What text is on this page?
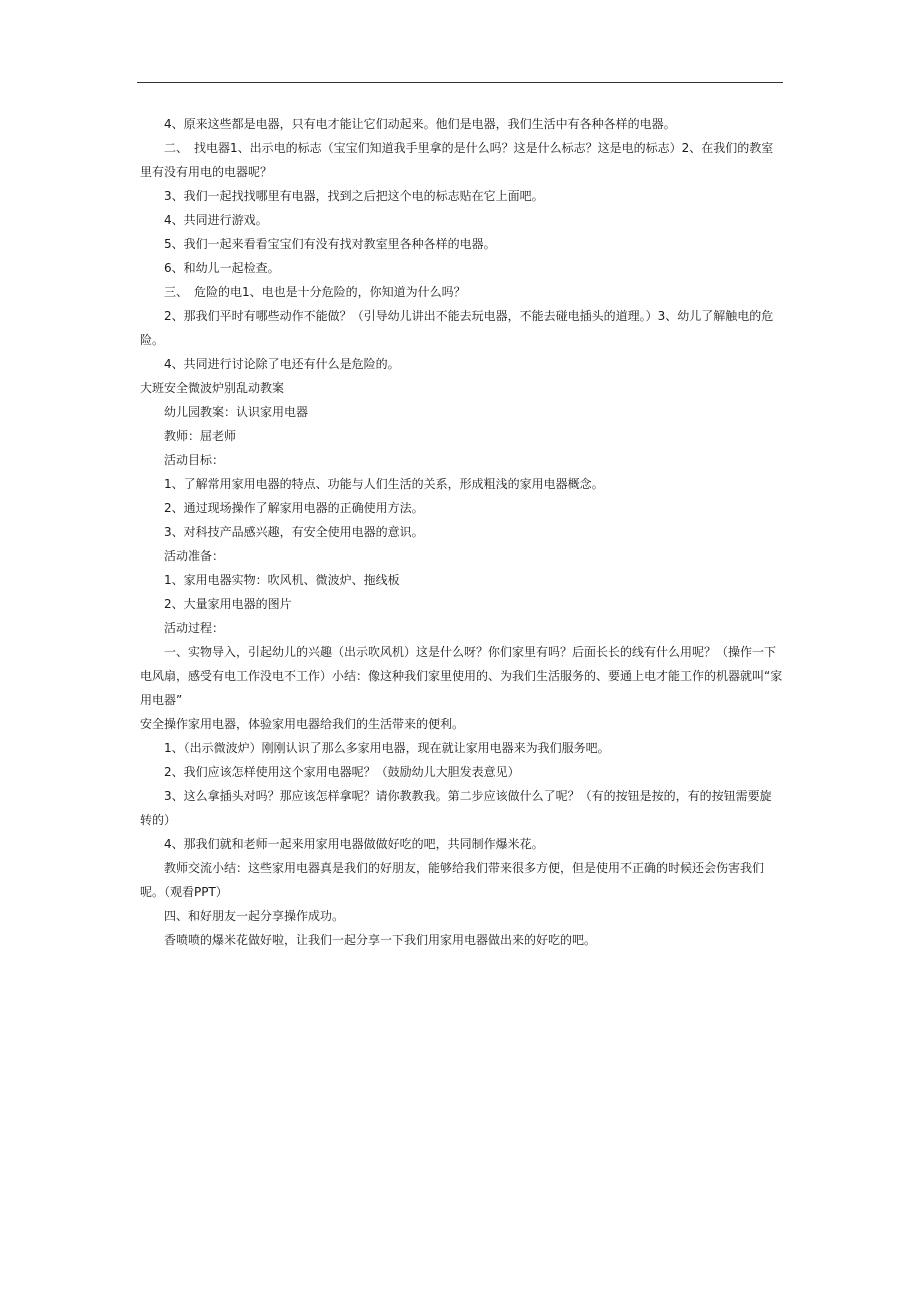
4、原来这些都是电器，只有电才能让它们动起来。他们是电器，我们生活中有各种各样的电器。

二、　找电器1、出示电的标志（宝宝们知道我手里拿的是什么吗？这是什么标志？这是电的标志）2、在我们的教室里有没有用电的电器呢？

3、我们一起找找哪里有电器，找到之后把这个电的标志贴在它上面吧。

4、共同进行游戏。

5、我们一起来看看宝宝们有没有找对教室里各种各样的电器。

6、和幼儿一起检查。

三、　危险的电1、电也是十分危险的，你知道为什么吗？

2、那我们平时有哪些动作不能做？（引导幼儿讲出不能去玩电器，不能去碰电插头的道理。）3、幼儿了解触电的危险。

4、共同进行讨论除了电还有什么是危险的。

大班安全微波炉别乱动教案

幼儿园教案：认识家用电器

教师：屈老师

活动目标：

1、了解常用家用电器的特点、功能与人们生活的关系，形成粗浅的家用电器概念。

2、通过现场操作了解家用电器的正确使用方法。

3、对科技产品感兴趣，有安全使用电器的意识。

活动准备：

1、家用电器实物：吹风机、微波炉、拖线板

2、大量家用电器的图片

活动过程：

一、实物导入，引起幼儿的兴趣（出示吹风机）这是什么呀？你们家里有吗？后面长长的线有什么用呢？（操作一下电风扇，感受有电工作没电不工作）小结：像这种我们家里使用的、为我们生活服务的、要通上电才能工作的机器就叫“家用电器”

安全操作家用电器，体验家用电器给我们的生活带来的便利。

1、（出示微波炉）刚刚认识了那么多家用电器，现在就让家用电器来为我们服务吧。

2、我们应该怎样使用这个家用电器呢？（鼓励幼儿大胆发表意见）

3、这么拿插头对吗？那应该怎样拿呢？请你教教我。第二步应该做什么了呢？（有的按钮是按的，有的按钮需要旋转的）

4、那我们就和老师一起来用家用电器做做好吃的吧，共同制作爆米花。

教师交流小结：这些家用电器真是我们的好朋友，能够给我们带来很多方便，但是使用不正确的时候还会伤害我们呢。（观看PPT）

四、和好朋友一起分享操作成功。

香喷喷的爆米花做好啦，让我们一起分享一下我们用家用电器做出来的好吃的吧。
